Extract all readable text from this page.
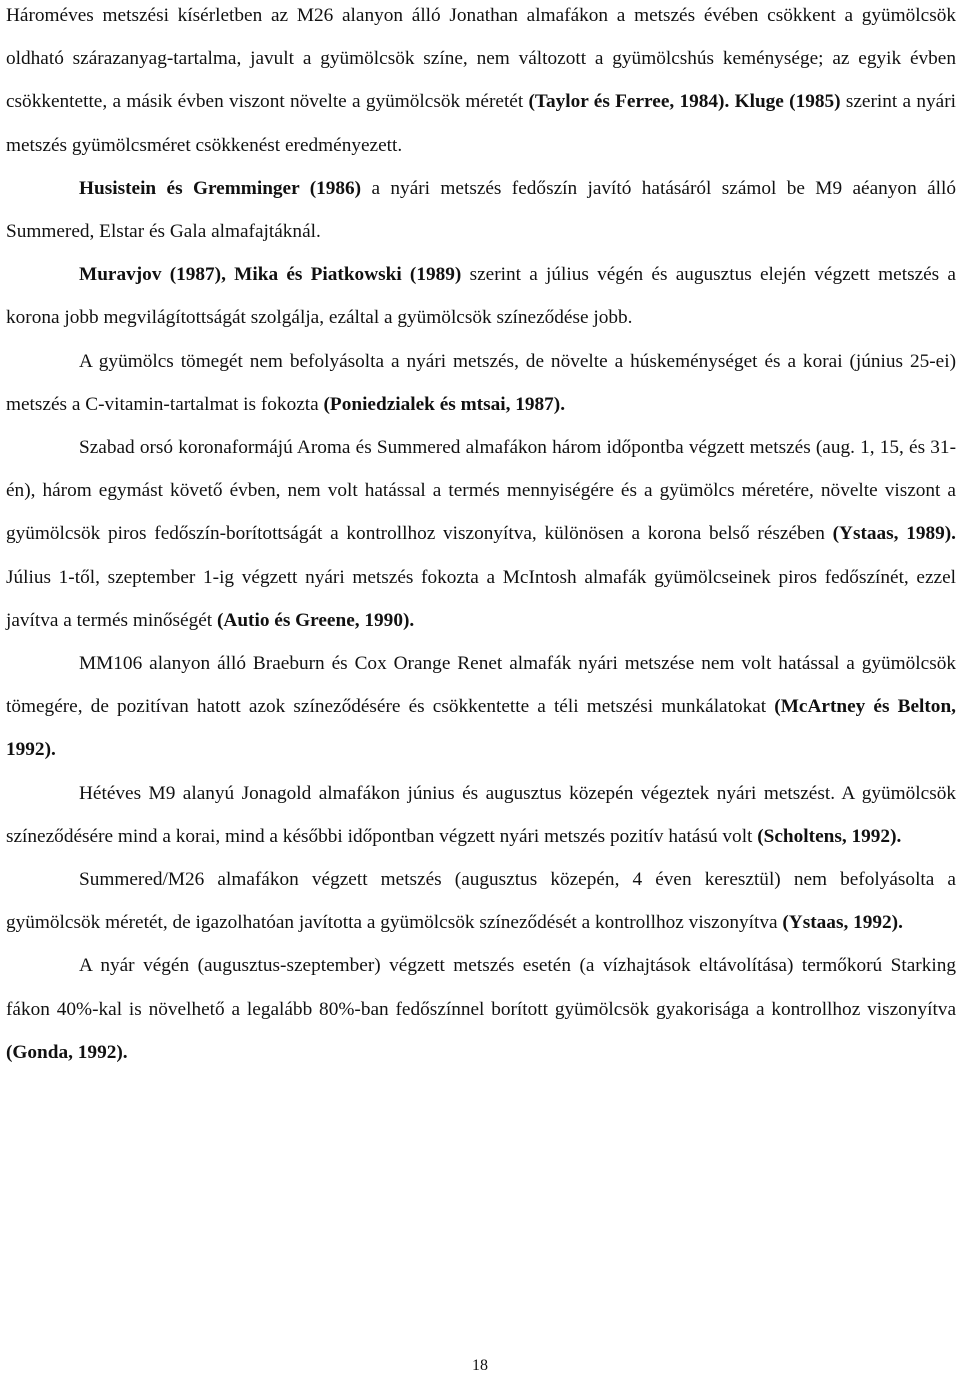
Hároméves metszési kísérletben az M26 alanyon álló Jonathan almafákon a metszés évében csökkent a gyümölcsök oldható szárazanyag-tartalma, javult a gyümölcsök színe, nem változott a gyümölcshús keménysége; az egyik évben csökkentette, a másik évben viszont növelte a gyümölcsök méretét (Taylor és Ferree, 1984). Kluge (1985) szerint a nyári metszés gyümölcsméret csökkenést eredményezett.

Husistein és Gremminger (1986) a nyári metszés fedőszín javító hatásáról számol be M9 aéanyon álló Summered, Elstar és Gala almafajtáknál.

Muravjov (1987), Mika és Piatkowski (1989) szerint a július végén és augusztus elején végzett metszés a korona jobb megvilágítottságát szolgálja, ezáltal a gyümölcsök színeződése jobb.

A gyümölcs tömegét nem befolyásolta a nyári metszés, de növelte a húskeménységet és a korai (június 25-ei) metszés a C-vitamin-tartalmat is fokozta (Poniedzialek és mtsai, 1987).

Szabad orsó koronaformájú Aroma és Summered almafákon három időpontba végzett metszés (aug. 1, 15, és 31-én), három egymást követő évben, nem volt hatással a termés mennyiségére és a gyümölcs méretére, növelte viszont a gyümölcsök piros fedőszín-borítottságát a kontrollhoz viszonyítva, különösen a korona belső részében (Ystaas, 1989). Július 1-től, szeptember 1-ig végzett nyári metszés fokozta a McIntosh almafák gyümölcseinek piros fedőszínét, ezzel javítva a termés minőségét (Autio és Greene, 1990).

MM106 alanyon álló Braeburn és Cox Orange Renet almafák nyári metszése nem volt hatással a gyümölcsök tömegére, de pozitívan hatott azok színeződésére és csökkentette a téli metszési munkálatokat (McArtney és Belton, 1992).

Hétéves M9 alanyú Jonagold almafákon június és augusztus közepén végeztek nyári metszést. A gyümölcsök színeződésére mind a korai, mind a későbbi időpontban végzett nyári metszés pozitív hatású volt (Scholtens, 1992).

Summered/M26 almafákon végzett metszés (augusztus közepén, 4 éven keresztül) nem befolyásolta a gyümölcsök méretét, de igazolhatóan javította a gyümölcsök színeződését a kontrollhoz viszonyítva (Ystaas, 1992).

A nyár végén (augusztus-szeptember) végzett metszés esetén (a vízhajtások eltávolítása) termőkorú Starking fákon 40%-kal is növelhető a legalább 80%-ban fedőszínnel borított gyümölcsök gyakorisága a kontrollhoz viszonyítva (Gonda, 1992).

18
